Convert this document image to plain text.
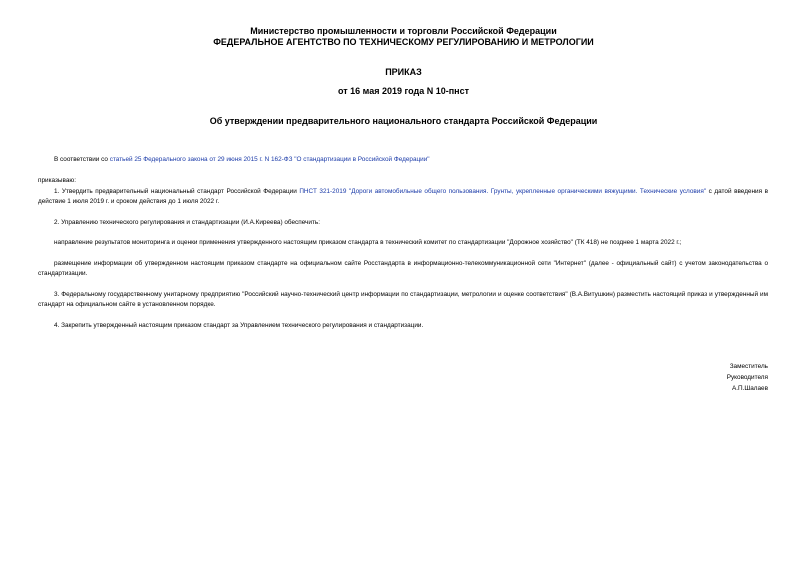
Министерство промышленности и торговли Российской Федерации
ФЕДЕРАЛЬНОЕ АГЕНТСТВО ПО ТЕХНИЧЕСКОМУ РЕГУЛИРОВАНИЮ И МЕТРОЛОГИИ
ПРИКАЗ
от 16 мая 2019 года N 10-пнст
Об утверждении предварительного национального стандарта Российской Федерации
В соответствии со статьей 25 Федерального закона от 29 июня 2015 г. N 162-ФЗ "О стандартизации в Российской Федерации"
приказываю:
1. Утвердить предварительный национальный стандарт Российской Федерации ПНСТ 321-2019 "Дороги автомобильные общего пользования. Грунты, укрепленные органическими вяжущими. Технические условия" с датой введения в действие 1 июля 2019 г. и сроком действия до 1 июля 2022 г.
2. Управлению технического регулирования и стандартизации (И.А.Киреева) обеспечить:
направление результатов мониторинга и оценки применения утвержденного настоящим приказом стандарта в технический комитет по стандартизации "Дорожное хозяйство" (ТК 418) не позднее 1 марта 2022 г.;
размещение информации об утвержденном настоящим приказом стандарте на официальном сайте Росстандарта в информационно-телекоммуникационной сети "Интернет" (далее - официальный сайт) с учетом законодательства о стандартизации.
3. Федеральному государственному унитарному предприятию "Российский научно-технический центр информации по стандартизации, метрологии и оценке соответствия" (В.А.Витушкин) разместить настоящий приказ и утвержденный им стандарт на официальном сайте в установленном порядке.
4. Закрепить утвержденный настоящим приказом стандарт за Управлением технического регулирования и стандартизации.
Заместитель
Руководителя
А.П.Шалаев
